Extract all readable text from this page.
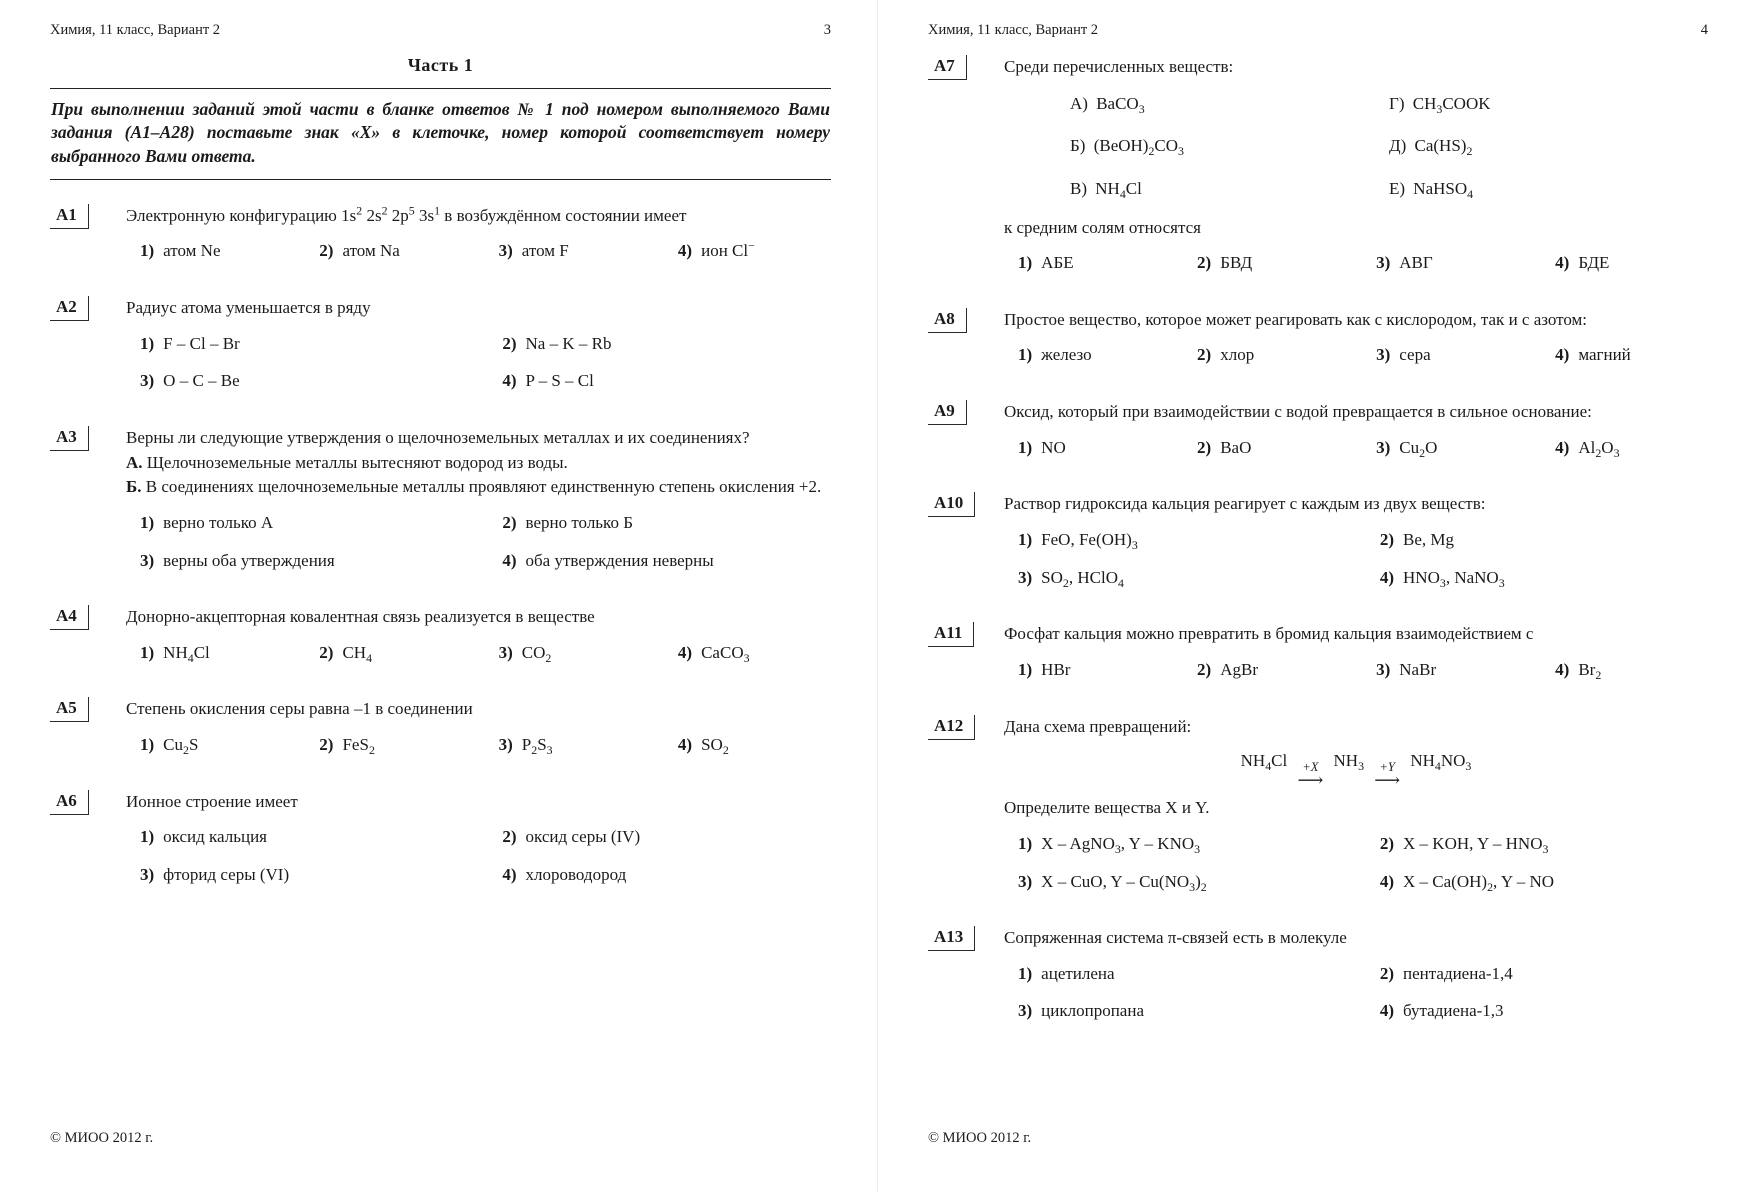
Химия, 11 класс, Вариант 2	3
Часть 1
При выполнении заданий этой части в бланке ответов № 1 под номером выполняемого Вами задания (А1–А28) поставьте знак «Х» в клеточке, номер которой соответствует номеру выбранного Вами ответа.
А1	Электронную конфигурацию $1s^2$ $2s^2$ $2p^5$ $3s^1$ в возбуждённом состоянии имеет
1) атом Ne	2) атом Na	3) атом F	4) ион Cl−
А2	Радиус атома уменьшается в ряду
1) F – Cl – Br	2) Na – K – Rb
3) O – C – Be	4) P – S – Cl
А3	Верны ли следующие утверждения о щелочноземельных металлах и их соединениях?
А. Щелочноземельные металлы вытесняют водород из воды.
Б. В соединениях щелочноземельные металлы проявляют единственную степень окисления +2.
1) верно только А	2) верно только Б
3) верны оба утверждения	4) оба утверждения неверны
А4	Донорно-акцепторная ковалентная связь реализуется в веществе
1) $NH_4Cl$	2) $CH_4$	3) $CO_2$	4) CaCO$_3$
А5	Степень окисления серы равна –1 в соединении
1) $Cu_2S$	2) FeS$_2$	3) $P_2S_3$	4) $SO_2$
А6	Ионное строение имеет
1) оксид кальция	2) оксид серы (IV)
3) фторид серы (VI)	4) хлороводород
© МИОО 2012 г.
Химия, 11 класс, Вариант 2	4
А7	Среди перечисленных веществ:
А) BaCO$_3$	Г) $CH_3COOK$
Б) $(BeOH)_2CO_3$	Д) $Ca(HS)_2$
В) $NH_4Cl$	Е) NaHSO$_4$
к средним солям относятся
1) АБЕ	2) БВД	3) АВГ	4) БДЕ
А8	Простое вещество, которое может реагировать как с кислородом, так и с азотом:
1) железо	2) хлор	3) сера	4) магний
А9	Оксид, который при взаимодействии с водой превращается в сильное основание:
1) NO	2) BaO	3) $Cu_2O$	4) $Al_2O_3$
А10	Раствор гидроксида кальция реагирует с каждым из двух веществ:
1) FeO, $Fe(OH)_3$	2) Be, Mg
3) $SO_2$, HClO$_4$	4) $HNO_3$, NaNO$_3$
А11	Фосфат кальция можно превратить в бромид кальция взаимодействием с
1) HBr	2) AgBr	3) NaBr	4) $Br_2$
А12	Дана схема превращений:
$NH_4Cl +X$
⟶
$NH_3 +Y$
⟶
$NH_4NO_3$
Определите вещества X и Y.
1) X – AgNO$_3$, Y – $KNO_3$	2) X – KOH, Y – $HNO_3$
3) X – CuO, Y – $Cu(NO_3)_2$	4) X – $Ca(OH)_2$, Y – NO
А13	Сопряженная система π-связей есть в молекуле
1) ацетилена	2) пентадиена-1,4
3) циклопропана	4) бутадиена-1,3
© МИОО 2012 г.
